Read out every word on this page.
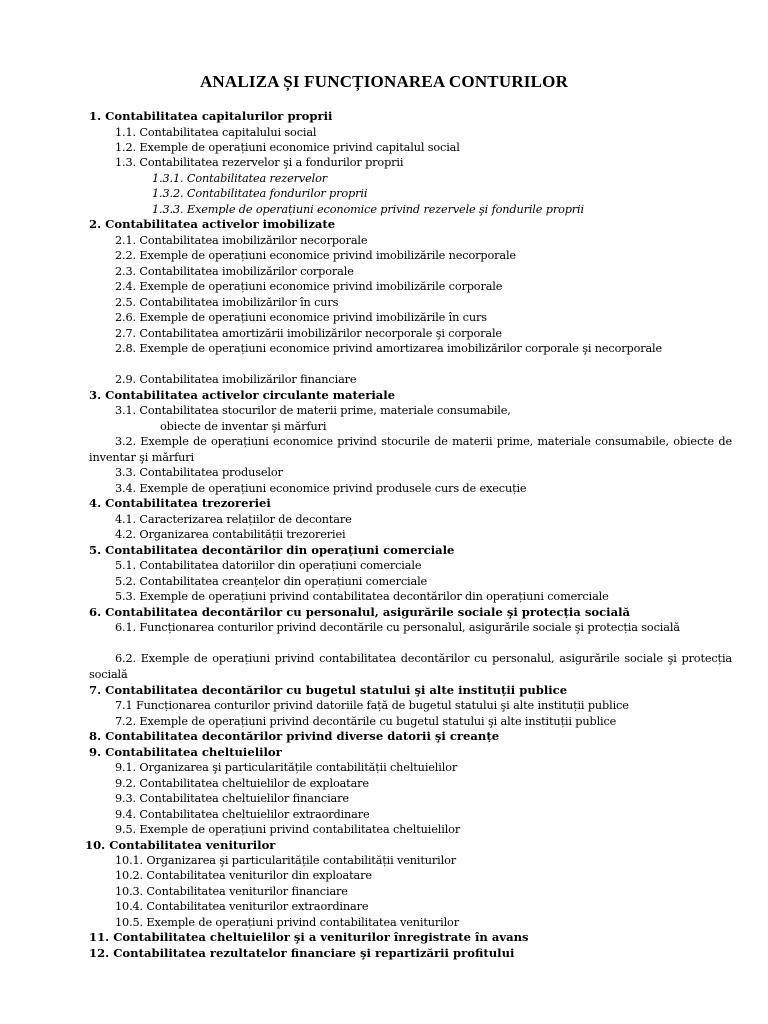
ANALIZA ȘI FUNCȚIONAREA CONTURILOR
1. Contabilitatea capitalurilor proprii
1.1. Contabilitatea capitalului social
1.2. Exemple de operațiuni economice privind capitalul social
1.3. Contabilitatea rezervelor şi a fondurilor proprii
1.3.1. Contabilitatea rezervelor
1.3.2. Contabilitatea fondurilor proprii
1.3.3. Exemple de operațiuni economice privind rezervele şi fondurile proprii
2. Contabilitatea activelor imobilizate
2.1. Contabilitatea imobilizărilor necorporale
2.2. Exemple de operațiuni economice privind imobilizările necorporale
2.3. Contabilitatea imobilizărilor corporale
2.4. Exemple de operațiuni economice privind imobilizările corporale
2.5. Contabilitatea imobilizărilor în curs
2.6. Exemple de operațiuni economice privind imobilizările în curs
2.7. Contabilitatea amortizării imobilizărilor necorporale şi corporale
2.8. Exemple de operațiuni economice privind amortizarea imobilizărilor corporale şi necorporale
2.9. Contabilitatea imobilizărilor financiare
3. Contabilitatea activelor circulante materiale
3.1. Contabilitatea stocurilor de materii prime, materiale consumabile,
obiecte de inventar şi mărfuri
3.2. Exemple de operațiuni economice privind stocurile de materii prime, materiale consumabile, obiecte de inventar şi mărfuri
3.3. Contabilitatea produselor
3.4. Exemple de operațiuni economice privind produsele curs de execuție
4. Contabilitatea trezoreriei
4.1. Caracterizarea relațiilor de decontare
4.2. Organizarea contabilității trezoreriei
5. Contabilitatea decontărilor din operațiuni comerciale
5.1. Contabilitatea datoriilor din operațiuni comerciale
5.2. Contabilitatea creanțelor din operațiuni comerciale
5.3. Exemple de operațiuni privind contabilitatea decontărilor din operațiuni comerciale
6. Contabilitatea decontărilor cu personalul, asigurările sociale şi protecția socială
6.1. Funcționarea conturilor privind decontările cu personalul, asigurările sociale şi protecția socială
6.2. Exemple de operațiuni privind contabilitatea decontărilor cu personalul, asigurările sociale şi protecția socială
7. Contabilitatea decontărilor cu bugetul statului şi alte instituții publice
7.1 Funcționarea conturilor privind datoriile față de bugetul statului şi alte instituții publice
7.2. Exemple de operațiuni privind decontările cu bugetul statului şi alte instituții publice
8. Contabilitatea decontărilor privind diverse datorii şi creanțe
9. Contabilitatea cheltuielilor
9.1. Organizarea şi particularitățile contabilității cheltuielilor
9.2. Contabilitatea cheltuielilor de exploatare
9.3. Contabilitatea cheltuielilor financiare
9.4. Contabilitatea cheltuielilor extraordinare
9.5. Exemple de operațiuni privind contabilitatea cheltuielilor
10. Contabilitatea veniturilor
10.1. Organizarea şi particularitățile contabilității veniturilor
10.2. Contabilitatea veniturilor din exploatare
10.3. Contabilitatea veniturilor financiare
10.4. Contabilitatea veniturilor extraordinare
10.5. Exemple de operațiuni privind contabilitatea veniturilor
11. Contabilitatea cheltuielilor şi a veniturilor înregistrate în avans
12. Contabilitatea rezultatelor financiare şi repartizării profitului
